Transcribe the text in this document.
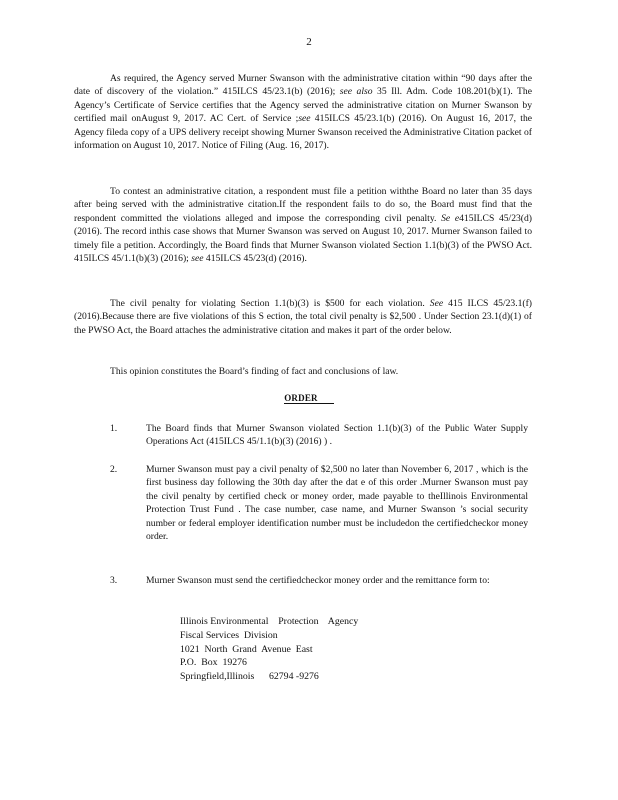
2

As required, the Agency served Murner Swanson with the administrative citation within “90 days after the date of discovery of the violation.” 415ILCS 45/23.1(b) (2016); see also 35 Ill. Adm. Code 108.201(b)(1). The Agency’s Certificate of Service certifies that the Agency served the administrative citation on Murner Swanson by certified mail onAugust 9, 2017. AC Cert. of Service ;see 415ILCS 45/23.1(b) (2016). On August 16, 2017, the Agency fileda copy of a UPS delivery receipt showing Murner Swanson received the Administrative Citation packet of information on August 10, 2017. Notice of Filing (Aug. 16, 2017).

To contest an administrative citation, a respondent must file a petition withthe Board no later than 35 days after being served with the administrative citation.If the respondent fails to do so, the Board must find that the respondent committed the violations alleged and impose the corresponding civil penalty. Se e415ILCS 45/23(d) (2016). The record inthis case shows that Murner Swanson was served on August 10, 2017. Murner Swanson failed to timely file a petition. Accordingly, the Board finds that Murner Swanson violated Section 1.1(b)(3) of the PWSO Act. 415ILCS 45/1.1(b)(3) (2016); see 415ILCS 45/23(d) (2016).

The civil penalty for violating Section 1.1(b)(3) is $500 for each violation. See 415 ILCS 45/23.1(f) (2016).Because there are five violations of this S ection, the total civil penalty is $2,500 . Under Section 23.1(d)(1) of the PWSO Act, the Board attaches the administrative citation and makes it part of the order below.

This opinion constitutes the Board’s finding of fact and conclusions of law.

ORDER
1.	The Board finds that Murner Swanson violated Section 1.1(b)(3) of the Public Water Supply Operations Act (415ILCS 45/1.1(b)(3) (2016) ) .

2.	Murner Swanson must pay a civil penalty of $2,500 no later than November 6, 2017 , which is the first business day following the 30th day after the dat e of this order .Murner Swanson must pay the civil penalty by certified check or money order, made payable to theIllinois Environmental Protection Trust Fund . The case number, case name, and Murner Swanson ’s social security number or federal employer identification number must be includedon the certifiedcheckor money order.

3.	Murner Swanson must send the certifiedcheckor money order and the remittance form to:

Illinois Environmental    Protection    Agency
Fiscal Services  Division
1021  North  Grand  Avenue  East
P.O.  Box  19276
Springfield,Illinois      62794 -9276
